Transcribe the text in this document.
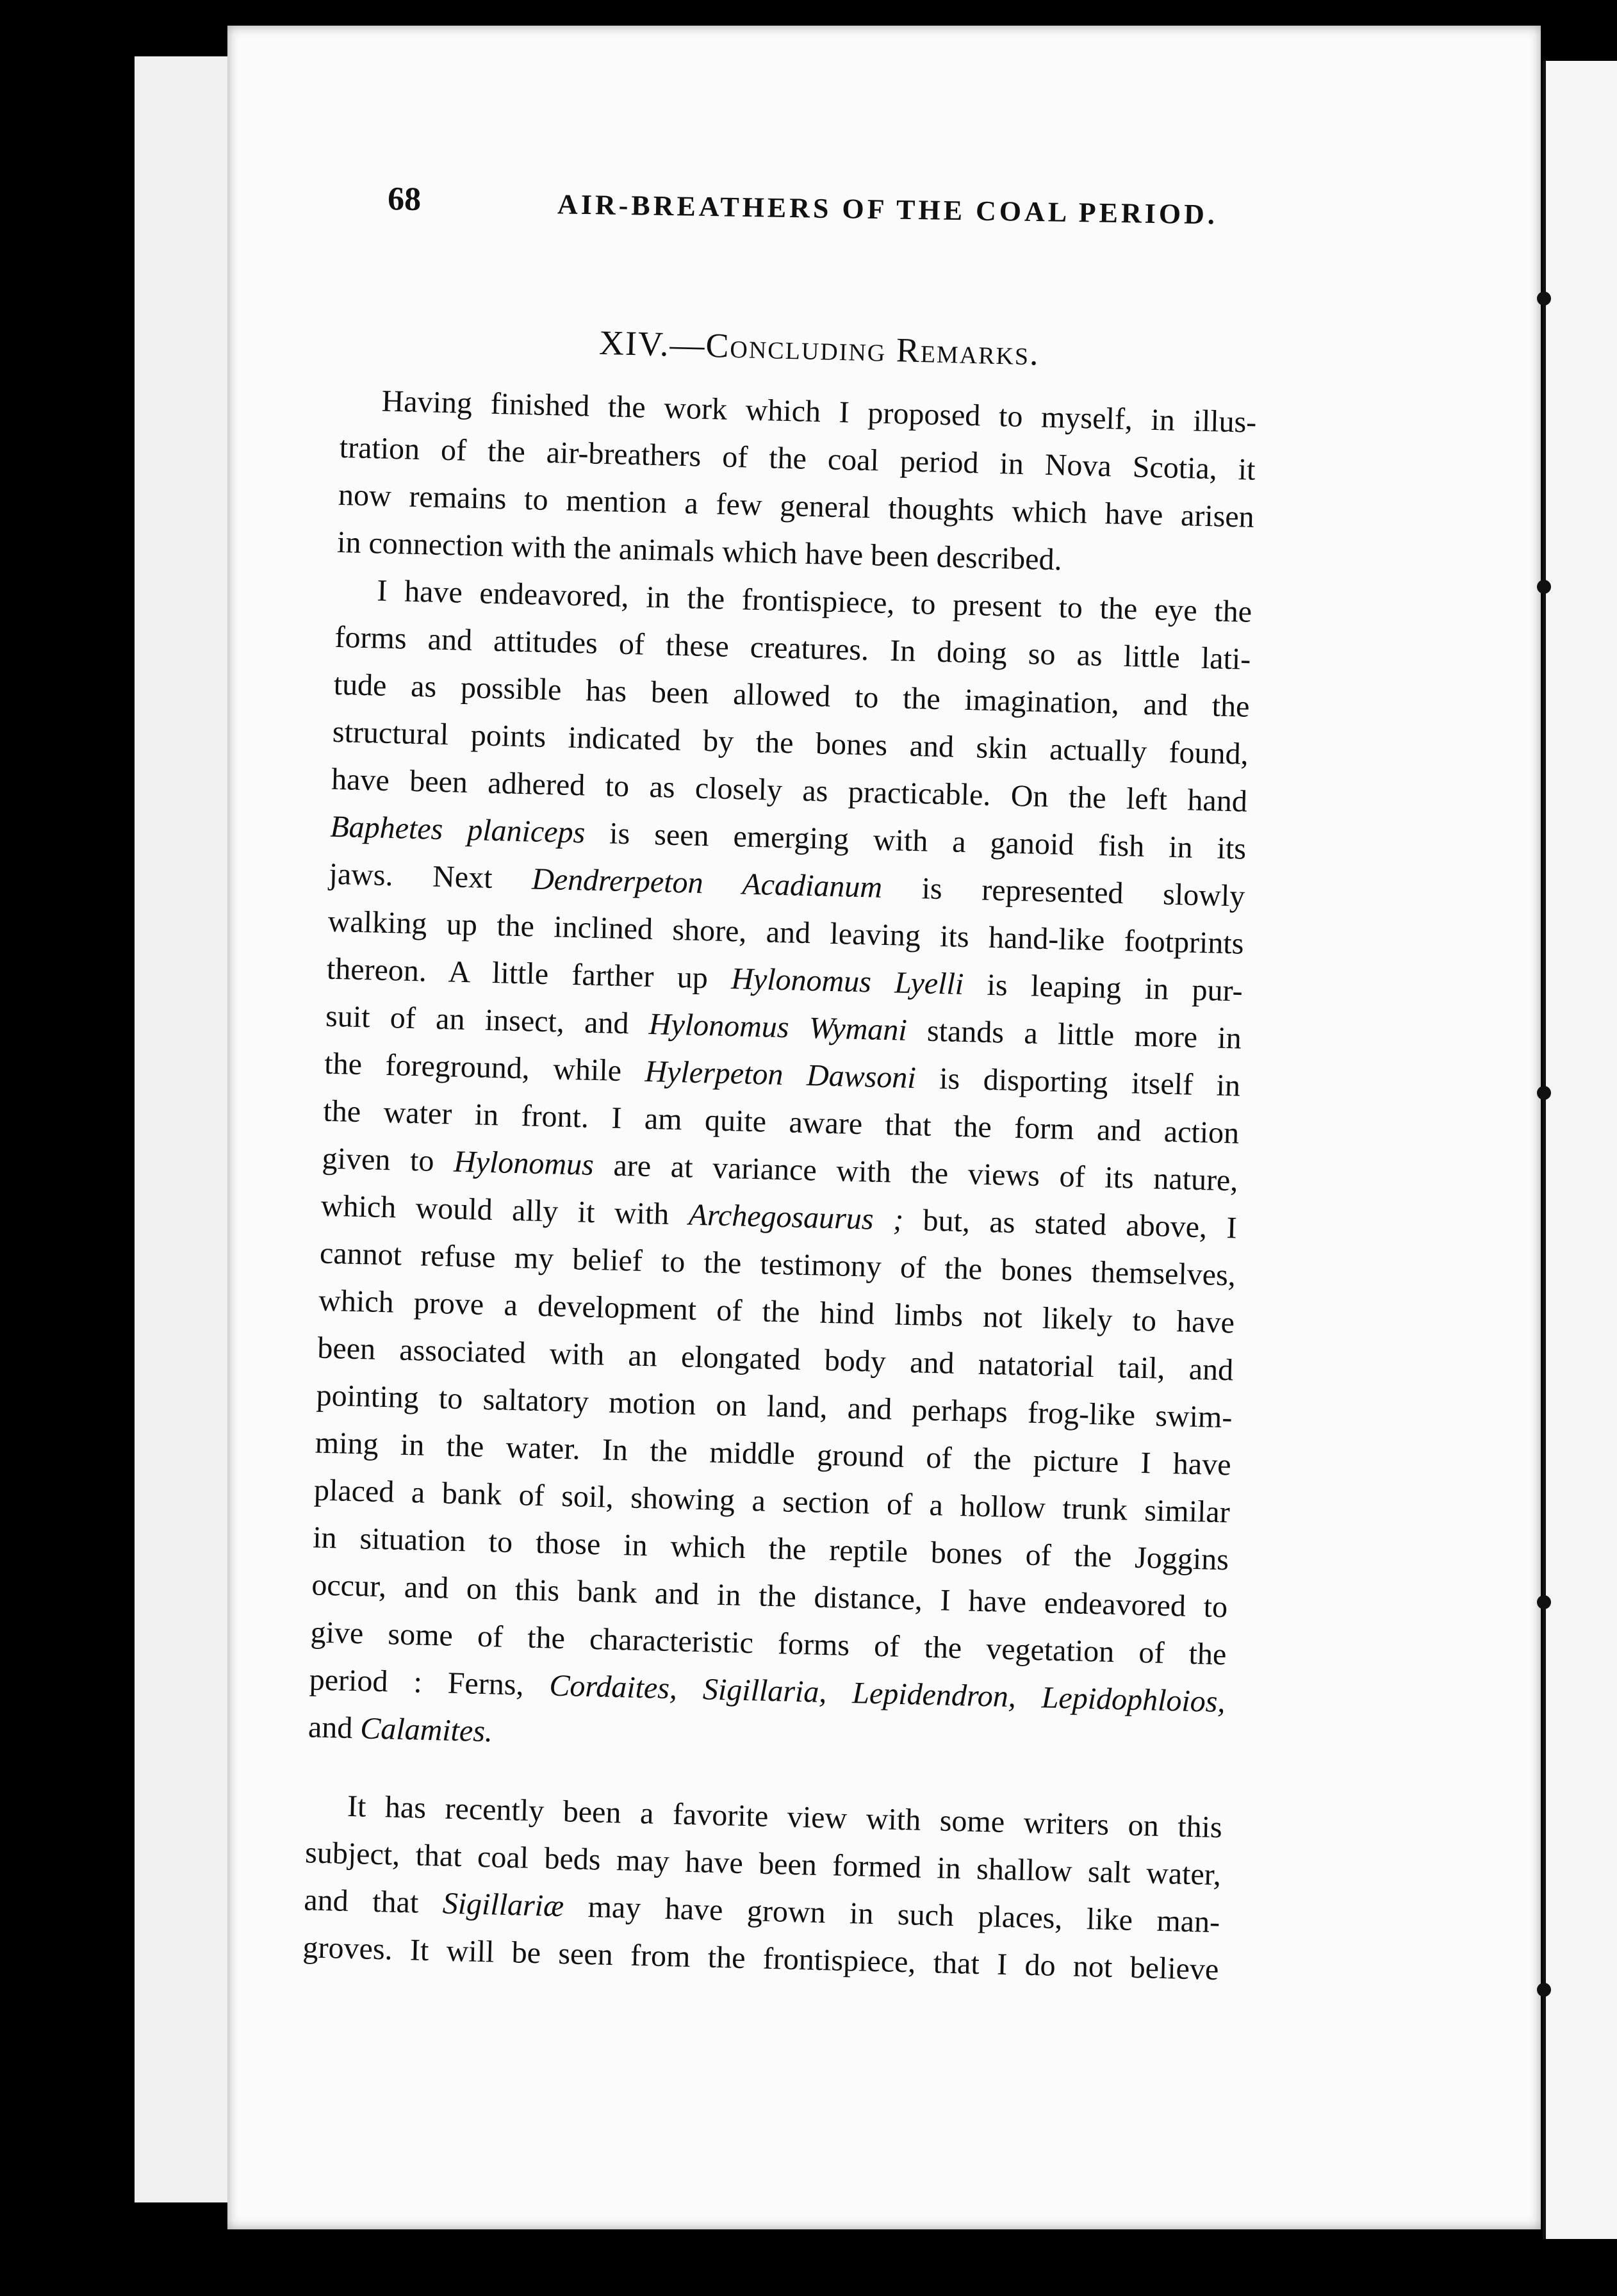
68	AIR-BREATHERS OF THE COAL PERIOD.
XIV.—Concluding Remarks.
Having finished the work which I proposed to myself, in illus-
tration of the air-breathers of the coal period in Nova Scotia, it
now remains to mention a few general thoughts which have arisen
in connection with the animals which have been described.
I have endeavored, in the frontispiece, to present to the eye the
forms and attitudes of these creatures. In doing so as little lati-
tude as possible has been allowed to the imagination, and the
structural points indicated by the bones and skin actually found,
have been adhered to as closely as practicable. On the left hand
Baphetes planiceps is seen emerging with a ganoid fish in its
jaws. Next Dendrerpeton Acadianum is represented slowly
walking up the inclined shore, and leaving its hand-like footprints
thereon. A little farther up Hylonomus Lyelli is leaping in pur-
suit of an insect, and Hylonomus Wymani stands a little more in
the foreground, while Hylerpeton Dawsoni is disporting itself in
the water in front. I am quite aware that the form and action
given to Hylonomus are at variance with the views of its nature,
which would ally it with Archegosaurus ; but, as stated above, I
cannot refuse my belief to the testimony of the bones themselves,
which prove a development of the hind limbs not likely to have
been associated with an elongated body and natatorial tail, and
pointing to saltatory motion on land, and perhaps frog-like swim-
ming in the water. In the middle ground of the picture I have
placed a bank of soil, showing a section of a hollow trunk similar
in situation to those in which the reptile bones of the Joggins
occur, and on this bank and in the distance, I have endeavored to
give some of the characteristic forms of the vegetation of the
period : Ferns, Cordaites, Sigillaria, Lepidendron, Lepidophloios,
and Calamites.
It has recently been a favorite view with some writers on this
subject, that coal beds may have been formed in shallow salt water,
and that Sigillariæ may have grown in such places, like man-
groves. It will be seen from the frontispiece, that I do not believe
